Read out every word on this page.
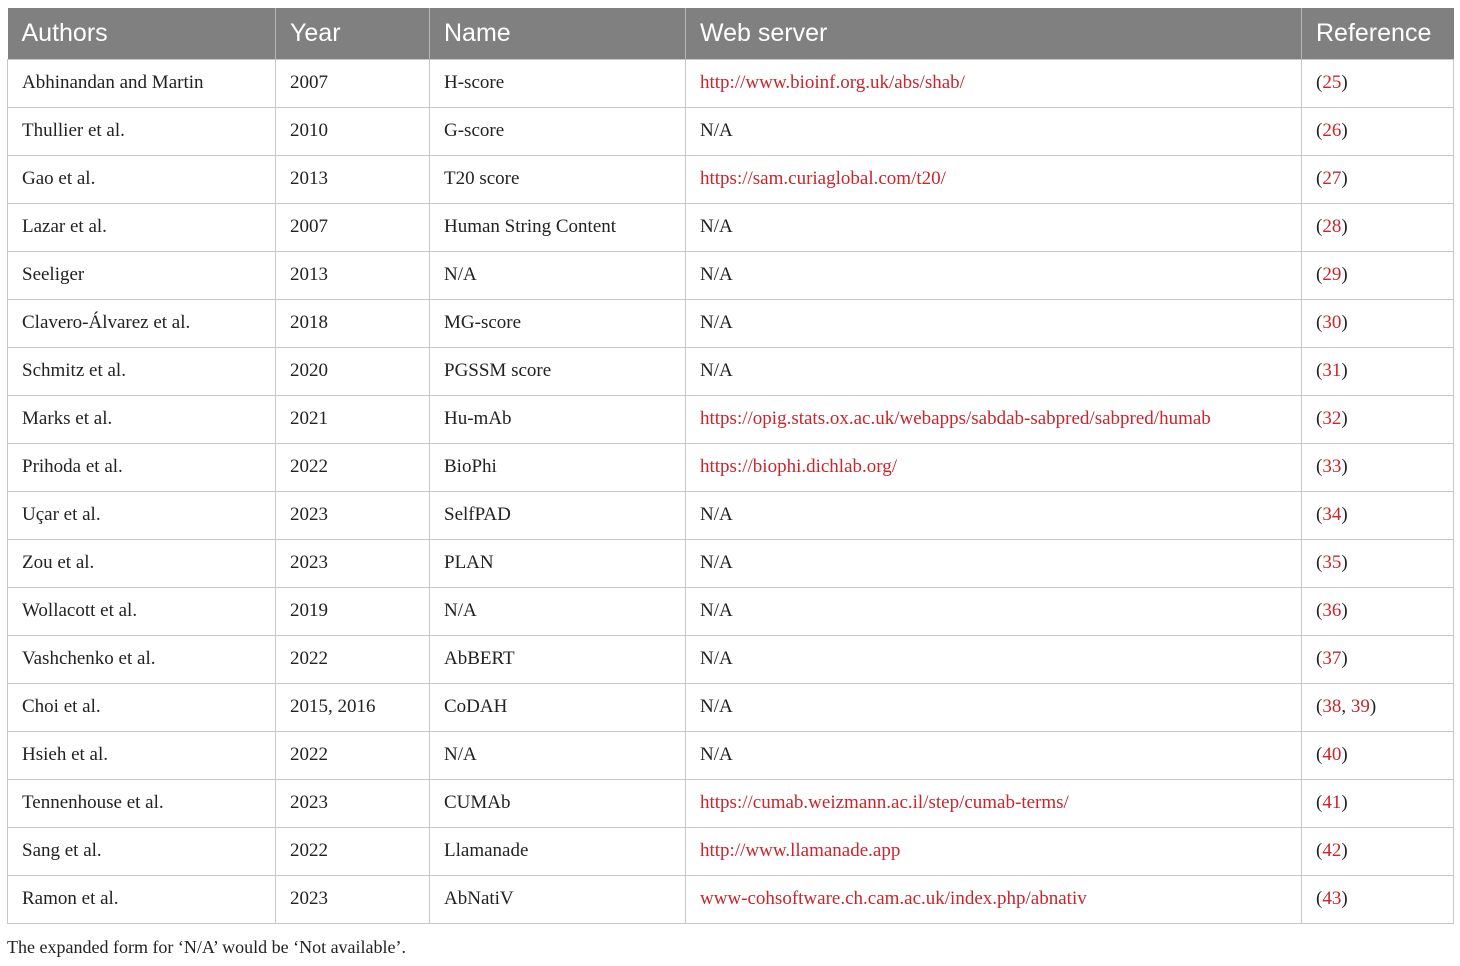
Authors	Year	Name	Web server	Reference
Abhinandan and Martin	2007	H-score	http://www.bioinf.org.uk/abs/shab/	(25)
Thullier et al.	2010	G-score	N/A	(26)
Gao et al.	2013	T20 score	https://sam.curiaglobal.com/t20/	(27)
Lazar et al.	2007	Human String Content	N/A	(28)
Seeliger	2013	N/A	N/A	(29)
Clavero-Álvarez et al.	2018	MG-score	N/A	(30)
Schmitz et al.	2020	PGSSM score	N/A	(31)
Marks et al.	2021	Hu-mAb	https://opig.stats.ox.ac.uk/webapps/sabdab-sabpred/sabpred/humab	(32)
Prihoda et al.	2022	BioPhi	https://biophi.dichlab.org/	(33)
Uçar et al.	2023	SelfPAD	N/A	(34)
Zou et al.	2023	PLAN	N/A	(35)
Wollacott et al.	2019	N/A	N/A	(36)
Vashchenko et al.	2022	AbBERT	N/A	(37)
Choi et al.	2015, 2016	CoDAH	N/A	(38, 39)
Hsieh et al.	2022	N/A	N/A	(40)
Tennenhouse et al.	2023	CUMAb	https://cumab.weizmann.ac.il/step/cumab-terms/	(41)
Sang et al.	2022	Llamanade	http://www.llamanade.app	(42)
Ramon et al.	2023	AbNatiV	www-cohsoftware.ch.cam.ac.uk/index.php/abnativ	(43)
The expanded form for ‘N/A’ would be ‘Not available’.
